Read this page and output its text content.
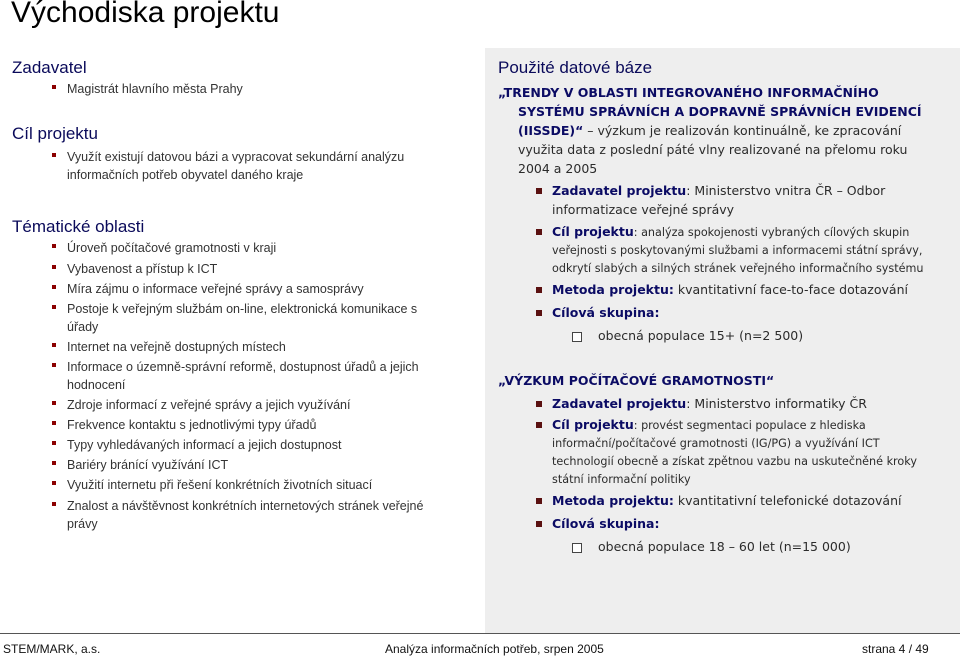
Východiska projektu
Zadavatel
Magistrát hlavního města Prahy
Cíl projektu
Využít existují datovou bázi a vypracovat sekundární analýzu
informačních potřeb obyvatel daného kraje
Tématické oblasti
Úroveň počítačové gramotnosti v kraji
Vybavenost a přístup k ICT
Míra zájmu o informace veřejné správy a samosprávy
Postoje k veřejným službám on-line, elektronická komunikace s
úřady
Internet na veřejně dostupných místech
Informace o územně-správní reformě, dostupnost úřadů a jejich
hodnocení
Zdroje informací z veřejné správy a jejich využívání
Frekvence kontaktu s jednotlivými typy úřadů
Typy vyhledávaných informací a jejich dostupnost
Bariéry bránící využívání ICT
Využití internetu při řešení konkrétních životních situací
Znalost a návštěvnost konkrétních internetových stránek veřejné
právy
Použité datové báze
„TRENDY V OBLASTI INTEGROVANÉHO INFORMAČNÍHO
SYSTÉMU SPRÁVNÍCH A DOPRAVNĚ SPRÁVNÍCH EVIDENCÍ
(IISSDE)“ – výzkum je realizován kontinuálně, ke zpracování
využita data z poslední páté vlny realizované na přelomu roku
2004 a 2005
Zadavatel projektu: Ministerstvo vnitra ČR – Odbor
informatizace veřejné správy
Cíl projektu: analýza spokojenosti vybraných cílových skupin
veřejnosti s poskytovanými službami a informacemi státní správy,
odkrytí slabých a silných stránek veřejného informačního systému
Metoda projektu: kvantitativní face-to-face dotazování
Cílová skupina:
obecná populace 15+ (n=2 500)
„VÝZKUM POČÍTAČOVÉ GRAMOTNOSTI“
Zadavatel projektu: Ministerstvo informatiky ČR
Cíl projektu: provést segmentaci populace z hlediska
informační/počítačové gramotnosti (IG/PG) a využívání ICT
technologií obecně a získat zpětnou vazbu na uskutečněné kroky
státní informační politiky
Metoda projektu: kvantitativní telefonické dotazování
Cílová skupina:
obecná populace 18 – 60 let (n=15 000)
STEM/MARK, a.s.	Analýza informačních potřeb, srpen 2005	strana 4 / 49
